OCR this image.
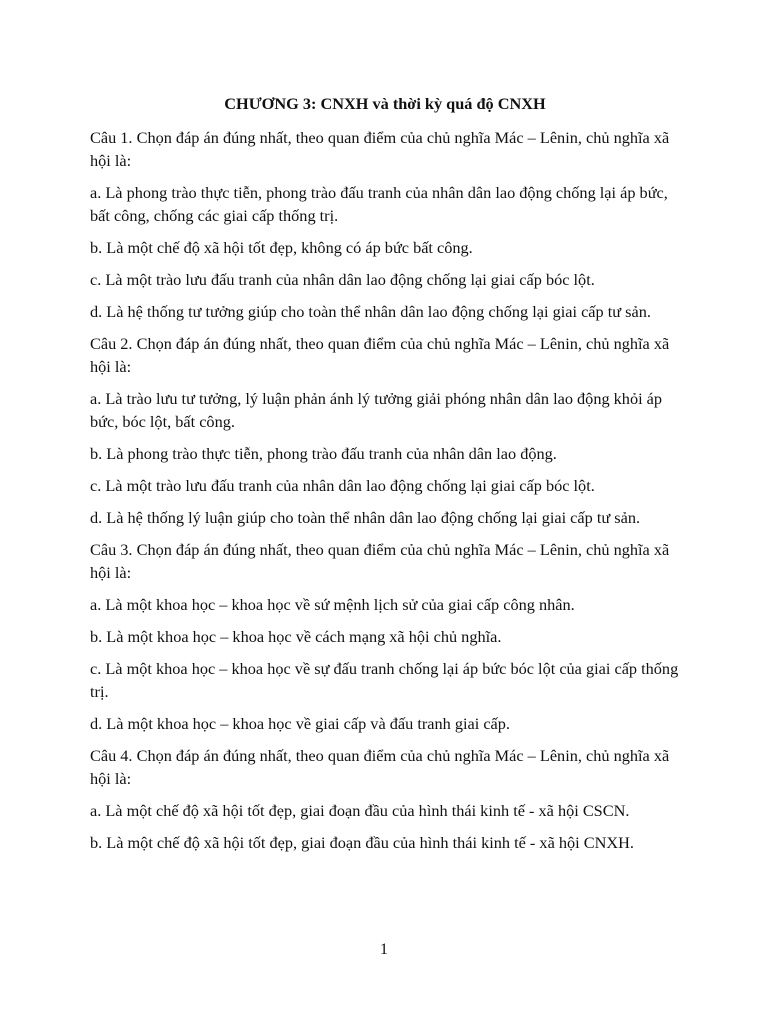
CHƯƠNG 3: CNXH và thời kỳ quá độ CNXH
Câu 1. Chọn đáp án đúng nhất, theo quan điểm của chủ nghĩa Mác – Lênin, chủ nghĩa xã hội là:
a. Là phong trào thực tiễn, phong trào đấu tranh của nhân dân lao động chống lại áp bức, bất công, chống các giai cấp thống trị.
b. Là một chế độ xã hội tốt đẹp, không có áp bức bất công.
c. Là một trào lưu đấu tranh của nhân dân lao động chống lại giai cấp bóc lột.
d. Là hệ thống tư tưởng giúp cho toàn thể nhân dân lao động chống lại giai cấp tư sản.
Câu 2. Chọn đáp án đúng nhất, theo quan điểm của chủ nghĩa Mác – Lênin, chủ nghĩa xã hội là:
a. Là trào lưu tư tưởng, lý luận phản ánh lý tưởng giải phóng nhân dân lao động khỏi áp bức, bóc lột, bất công.
b. Là phong trào thực tiễn, phong trào đấu tranh của nhân dân lao động.
c. Là một trào lưu đấu tranh của nhân dân lao động chống lại giai cấp bóc lột.
d. Là hệ thống lý luận giúp cho toàn thể nhân dân lao động chống lại giai cấp tư sản.
Câu 3. Chọn đáp án đúng nhất, theo quan điểm của chủ nghĩa Mác – Lênin, chủ nghĩa xã hội là:
a. Là một khoa học – khoa học về sứ mệnh lịch sử của giai cấp công nhân.
b. Là một khoa học – khoa học về cách mạng xã hội chủ nghĩa.
c. Là một khoa học – khoa học về sự đấu tranh chống lại áp bức bóc lột của giai cấp thống trị.
d. Là một khoa học – khoa học về giai cấp và đấu tranh giai cấp.
Câu 4. Chọn đáp án đúng nhất, theo quan điểm của chủ nghĩa Mác – Lênin, chủ nghĩa xã hội là:
a. Là một chế độ xã hội tốt đẹp, giai đoạn đầu của hình thái kinh tế - xã hội CSCN.
b. Là một chế độ xã hội tốt đẹp, giai đoạn đầu của hình thái kinh tế - xã hội CNXH.
1
